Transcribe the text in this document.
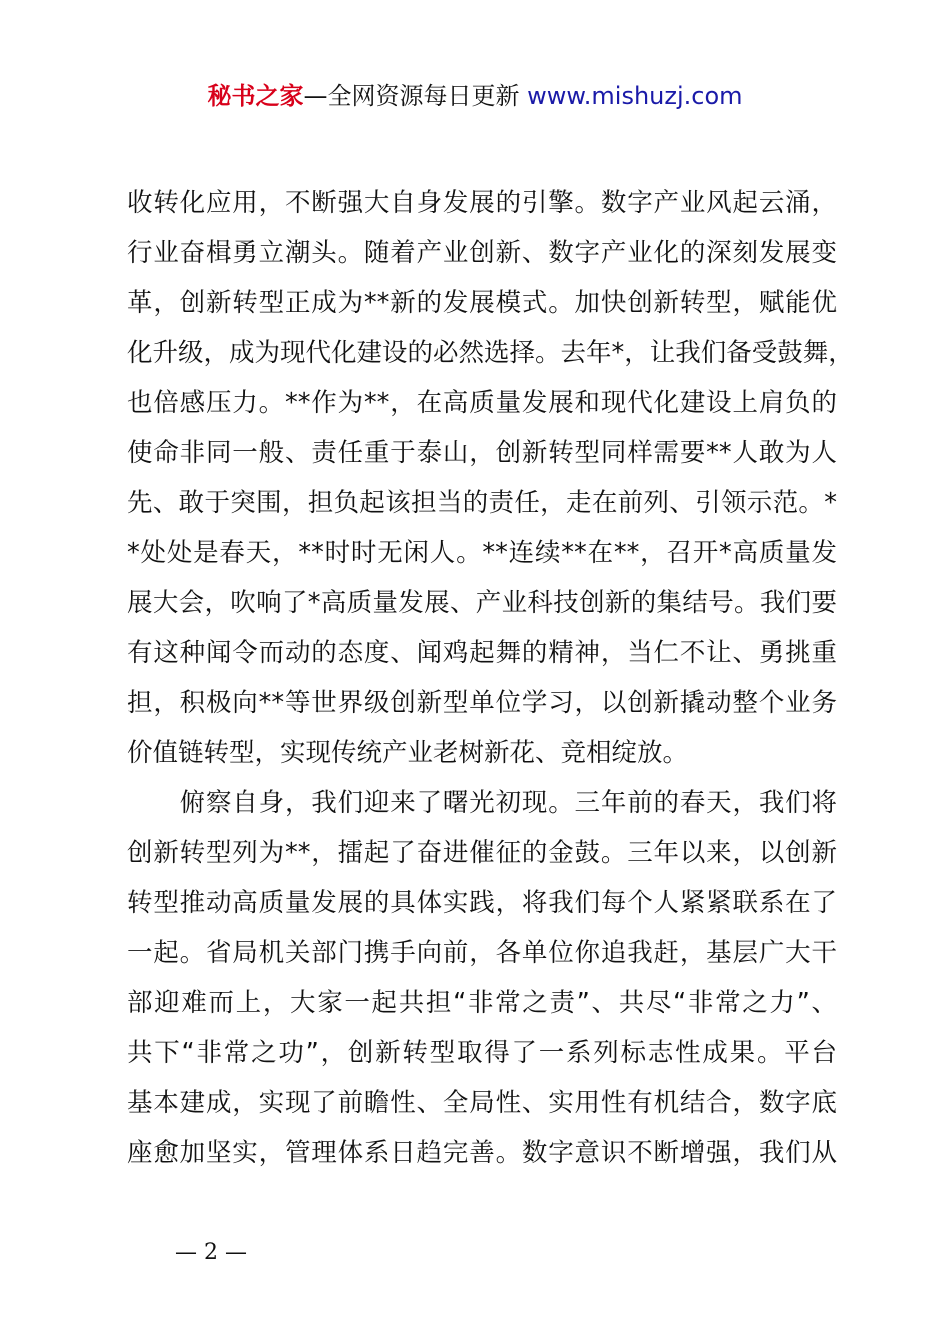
秘书之家—全网资源每日更新 www.mishuzj.com
收转化应用，不断强大自身发展的引擎。数字产业风起云涌，
行业奋楫勇立潮头。随着产业创新、数字产业化的深刻发展变
革，创新转型正成为**新的发展模式。加快创新转型，赋能优
化升级，成为现代化建设的必然选择。去年*，让我们备受鼓舞，
也倍感压力。**作为**，在高质量发展和现代化建设上肩负的
使命非同一般、责任重于泰山，创新转型同样需要**人敢为人
先、敢于突围，担负起该担当的责任，走在前列、引领示范。*
*处处是春天，**时时无闲人。**连续**在**，召开*高质量发
展大会，吹响了*高质量发展、产业科技创新的集结号。我们要
有这种闻令而动的态度、闻鸡起舞的精神，当仁不让、勇挑重
担，积极向**等世界级创新型单位学习，以创新撬动整个业务
价值链转型，实现传统产业老树新花、竞相绽放。
　　俯察自身，我们迎来了曙光初现。三年前的春天，我们将
创新转型列为**，擂起了奋进催征的金鼓。三年以来，以创新
转型推动高质量发展的具体实践，将我们每个人紧紧联系在了
一起。省局机关部门携手向前，各单位你追我赶，基层广大干
部迎难而上，大家一起共担“非常之责”、共尽“非常之力”、
共下“非常之功”，创新转型取得了一系列标志性成果。平台
基本建成，实现了前瞻性、全局性、实用性有机结合，数字底
座愈加坚实，管理体系日趋完善。数字意识不断增强，我们从
— 2 —
